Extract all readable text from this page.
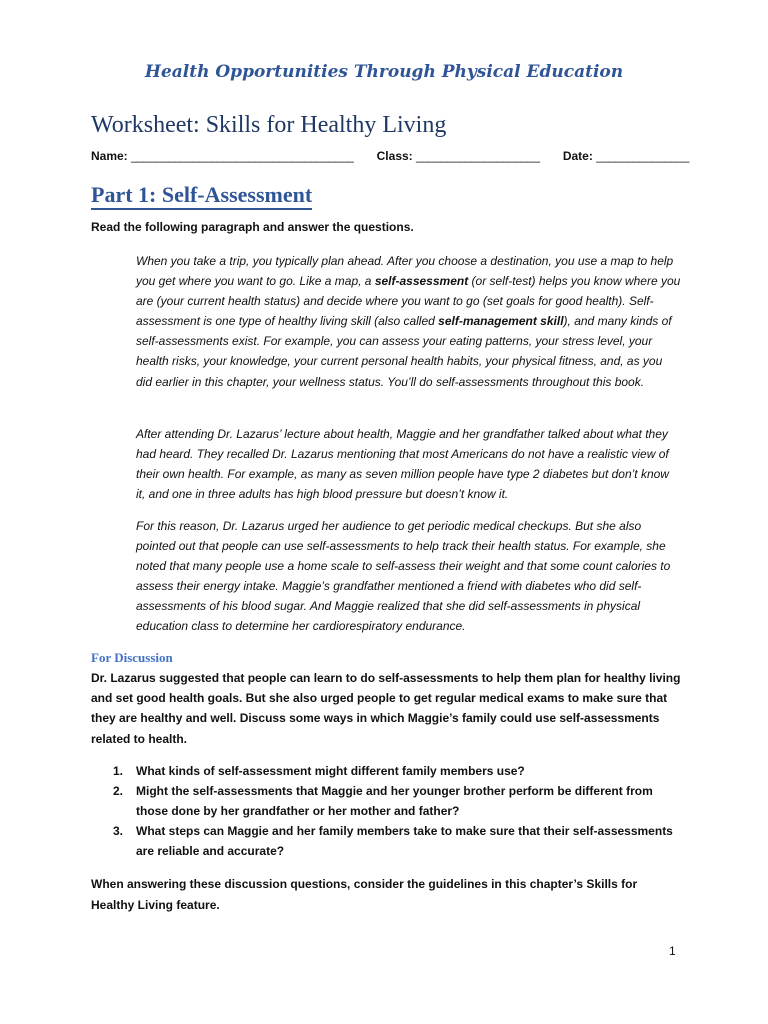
Health Opportunities Through Physical Education
Worksheet: Skills for Healthy Living
Name: ____________________________________ Class: ____________________ Date: _______________
Part 1: Self-Assessment
Read the following paragraph and answer the questions.
When you take a trip, you typically plan ahead. After you choose a destination, you use a map to help you get where you want to go. Like a map, a self-assessment (or self-test) helps you know where you are (your current health status) and decide where you want to go (set goals for good health). Self-assessment is one type of healthy living skill (also called self-management skill), and many kinds of self-assessments exist. For example, you can assess your eating patterns, your stress level, your health risks, your knowledge, your current personal health habits, your physical fitness, and, as you did earlier in this chapter, your wellness status. You’ll do self-assessments throughout this book.
After attending Dr. Lazarus’ lecture about health, Maggie and her grandfather talked about what they had heard. They recalled Dr. Lazarus mentioning that most Americans do not have a realistic view of their own health. For example, as many as seven million people have type 2 diabetes but don’t know it, and one in three adults has high blood pressure but doesn’t know it.
For this reason, Dr. Lazarus urged her audience to get periodic medical checkups. But she also pointed out that people can use self-assessments to help track their health status. For example, she noted that many people use a home scale to self-assess their weight and that some count calories to assess their energy intake. Maggie’s grandfather mentioned a friend with diabetes who did self-assessments of his blood sugar. And Maggie realized that she did self-assessments in physical education class to determine her cardiorespiratory endurance.
For Discussion
Dr. Lazarus suggested that people can learn to do self-assessments to help them plan for healthy living and set good health goals. But she also urged people to get regular medical exams to make sure that they are healthy and well. Discuss some ways in which Maggie’s family could use self-assessments related to health.
1. What kinds of self-assessment might different family members use?
2. Might the self-assessments that Maggie and her younger brother perform be different from those done by her grandfather or her mother and father?
3. What steps can Maggie and her family members take to make sure that their self-assessments are reliable and accurate?
When answering these discussion questions, consider the guidelines in this chapter’s Skills for Healthy Living feature.
1
